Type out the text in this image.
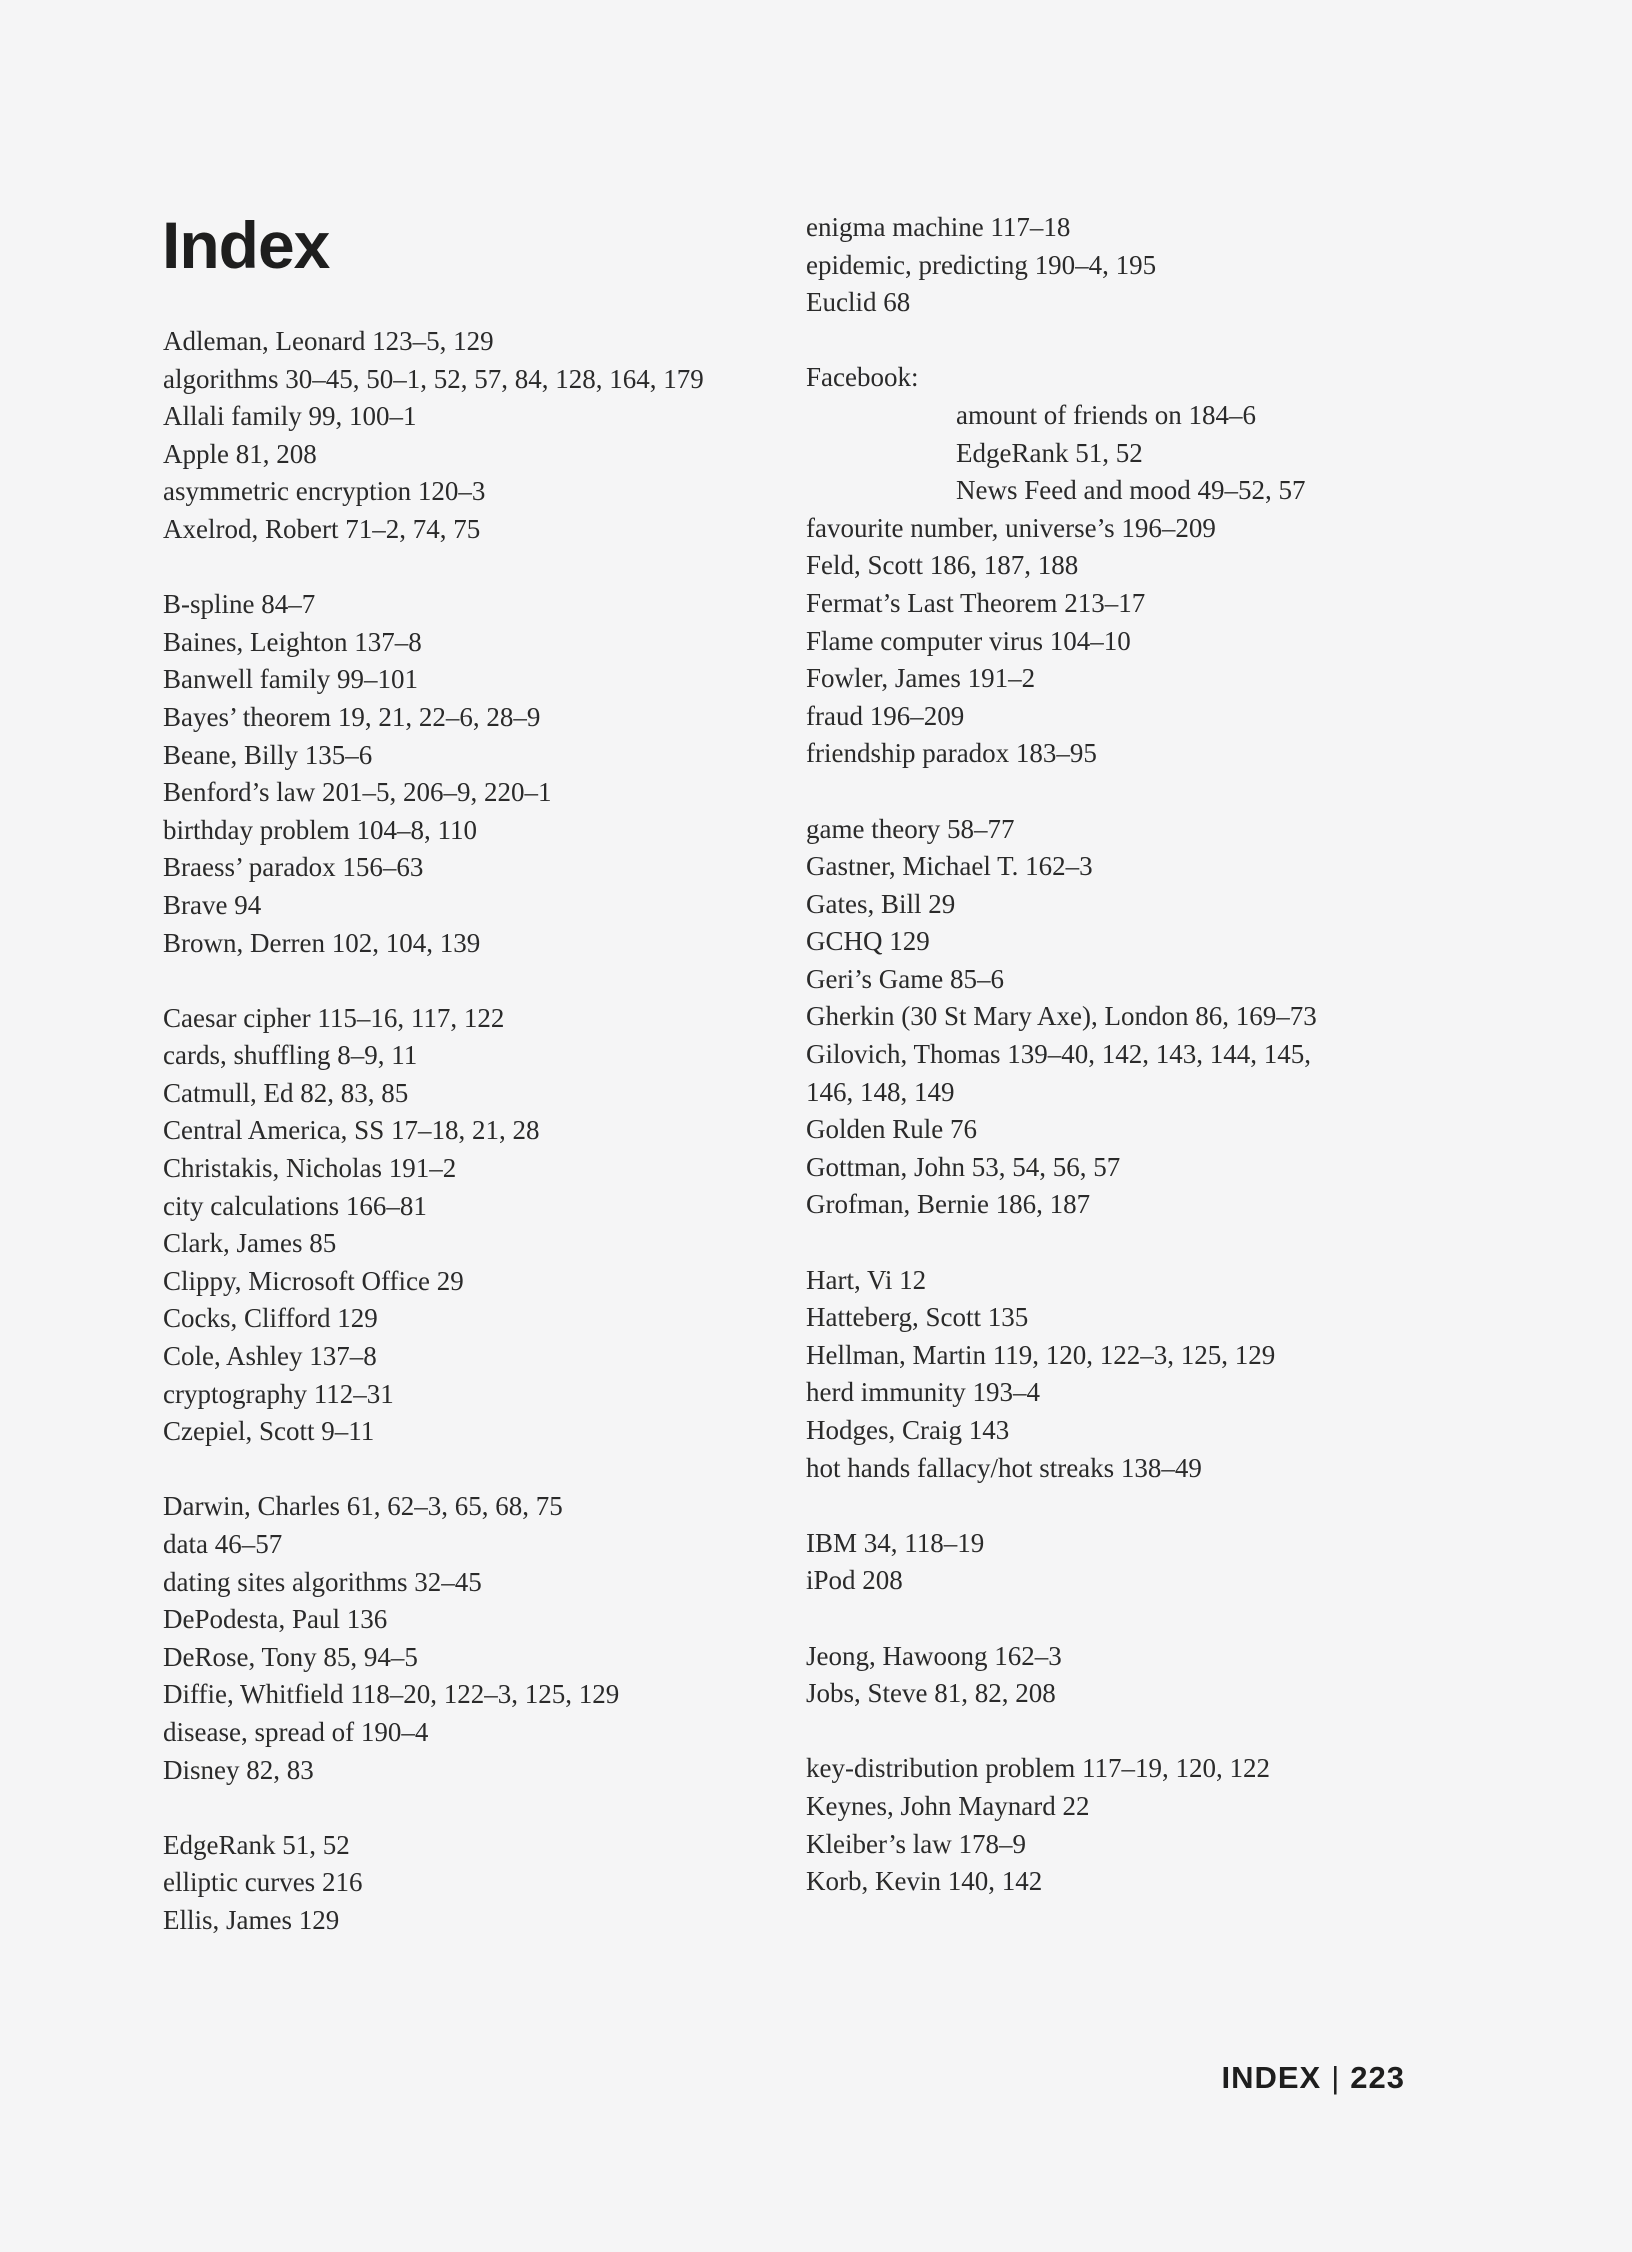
Index
Adleman, Leonard 123–5, 129
algorithms 30–45, 50–1, 52, 57, 84, 128, 164, 179
Allali family 99, 100–1
Apple 81, 208
asymmetric encryption 120–3
Axelrod, Robert 71–2, 74, 75
B-spline 84–7
Baines, Leighton 137–8
Banwell family 99–101
Bayes’ theorem 19, 21, 22–6, 28–9
Beane, Billy 135–6
Benford’s law 201–5, 206–9, 220–1
birthday problem 104–8, 110
Braess’ paradox 156–63
Brave 94
Brown, Derren 102, 104, 139
Caesar cipher 115–16, 117, 122
cards, shuffling 8–9, 11
Catmull, Ed 82, 83, 85
Central America, SS 17–18, 21, 28
Christakis, Nicholas 191–2
city calculations 166–81
Clark, James 85
Clippy, Microsoft Office 29
Cocks, Clifford 129
Cole, Ashley 137–8
cryptography 112–31
Czepiel, Scott 9–11
Darwin, Charles 61, 62–3, 65, 68, 75
data 46–57
dating sites algorithms 32–45
DePodesta, Paul 136
DeRose, Tony 85, 94–5
Diffie, Whitfield 118–20, 122–3, 125, 129
disease, spread of 190–4
Disney 82, 83
EdgeRank 51, 52
elliptic curves 216
Ellis, James 129
enigma machine 117–18
epidemic, predicting 190–4, 195
Euclid 68
Facebook:
amount of friends on 184–6
EdgeRank 51, 52
News Feed and mood 49–52, 57
favourite number, universe’s 196–209
Feld, Scott 186, 187, 188
Fermat’s Last Theorem 213–17
Flame computer virus 104–10
Fowler, James 191–2
fraud 196–209
friendship paradox 183–95
game theory 58–77
Gastner, Michael T. 162–3
Gates, Bill 29
GCHQ 129
Geri’s Game 85–6
Gherkin (30 St Mary Axe), London 86, 169–73
Gilovich, Thomas 139–40, 142, 143, 144, 145,
146, 148, 149
Golden Rule 76
Gottman, John 53, 54, 56, 57
Grofman, Bernie 186, 187
Hart, Vi 12
Hatteberg, Scott 135
Hellman, Martin 119, 120, 122–3, 125, 129
herd immunity 193–4
Hodges, Craig 143
hot hands fallacy/hot streaks 138–49
IBM 34, 118–19
iPod 208
Jeong, Hawoong 162–3
Jobs, Steve 81, 82, 208
key-distribution problem 117–19, 120, 122
Keynes, John Maynard 22
Kleiber’s law 178–9
Korb, Kevin 140, 142
INDEX | 223
